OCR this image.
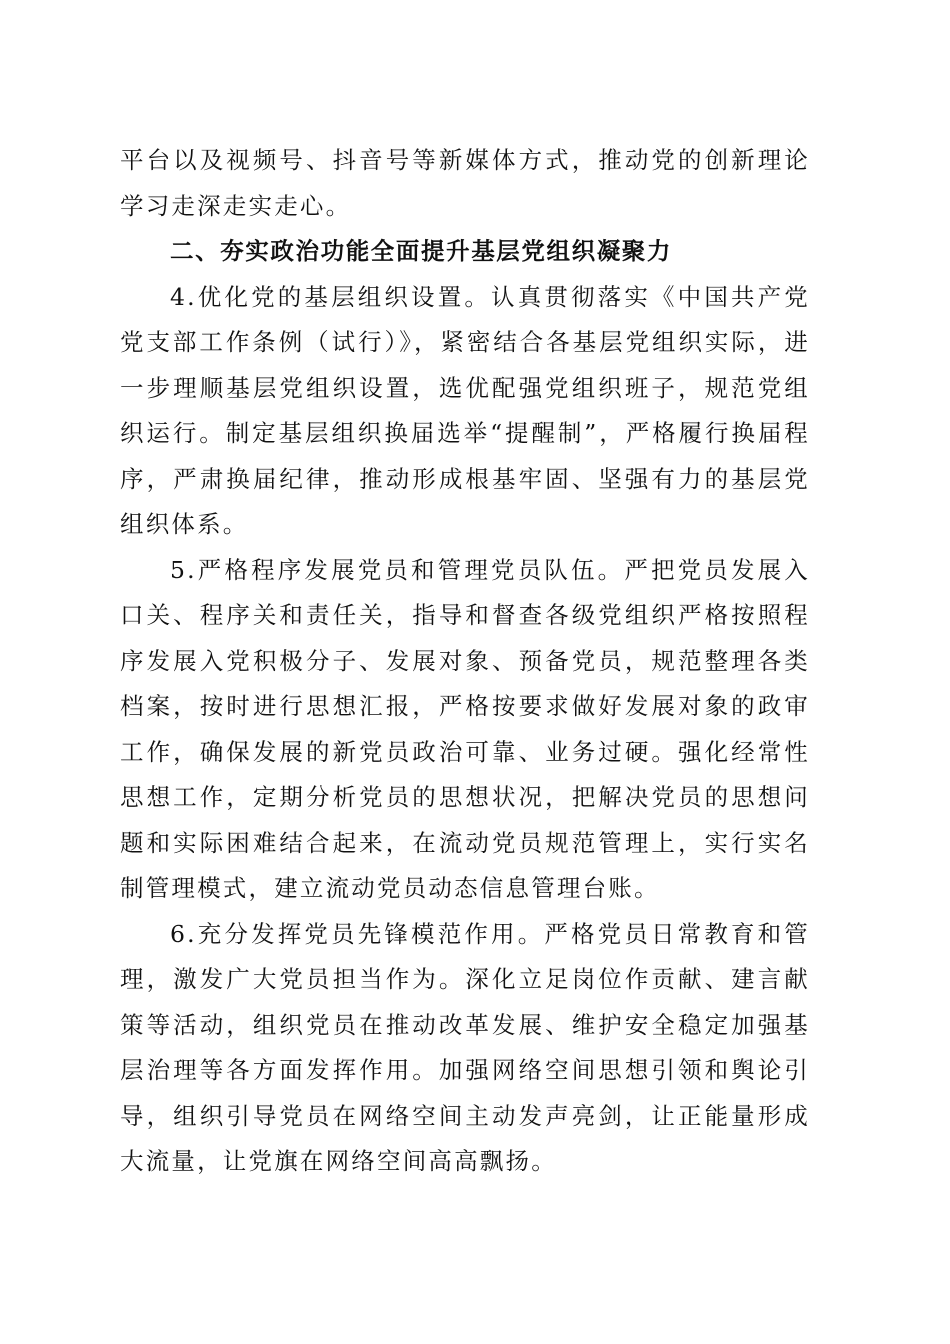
平台以及视频号、抖音号等新媒体方式，推动党的创新理论学习走深走实走心。

二、夯实政治功能全面提升基层党组织凝聚力

4.优化党的基层组织设置。认真贯彻落实《中国共产党党支部工作条例（试行）》，紧密结合各基层党组织实际，进一步理顺基层党组织设置，选优配强党组织班子，规范党组织运行。制定基层组织换届选举“提醒制”，严格履行换届程序，严肃换届纪律，推动形成根基牢固、坚强有力的基层党组织体系。

5.严格程序发展党员和管理党员队伍。严把党员发展入口关、程序关和责任关，指导和督查各级党组织严格按照程序发展入党积极分子、发展对象、预备党员，规范整理各类档案，按时进行思想汇报，严格按要求做好发展对象的政审工作，确保发展的新党员政治可靠、业务过硬。强化经常性思想工作，定期分析党员的思想状况，把解决党员的思想问题和实际困难结合起来，在流动党员规范管理上，实行实名制管理模式，建立流动党员动态信息管理台账。

6.充分发挥党员先锋模范作用。严格党员日常教育和管理，激发广大党员担当作为。深化立足岗位作贡献、建言献策等活动，组织党员在推动改革发展、维护安全稳定加强基层治理等各方面发挥作用。加强网络空间思想引领和舆论引导，组织引导党员在网络空间主动发声亮剑，让正能量形成大流量，让党旗在网络空间高高飘扬。
